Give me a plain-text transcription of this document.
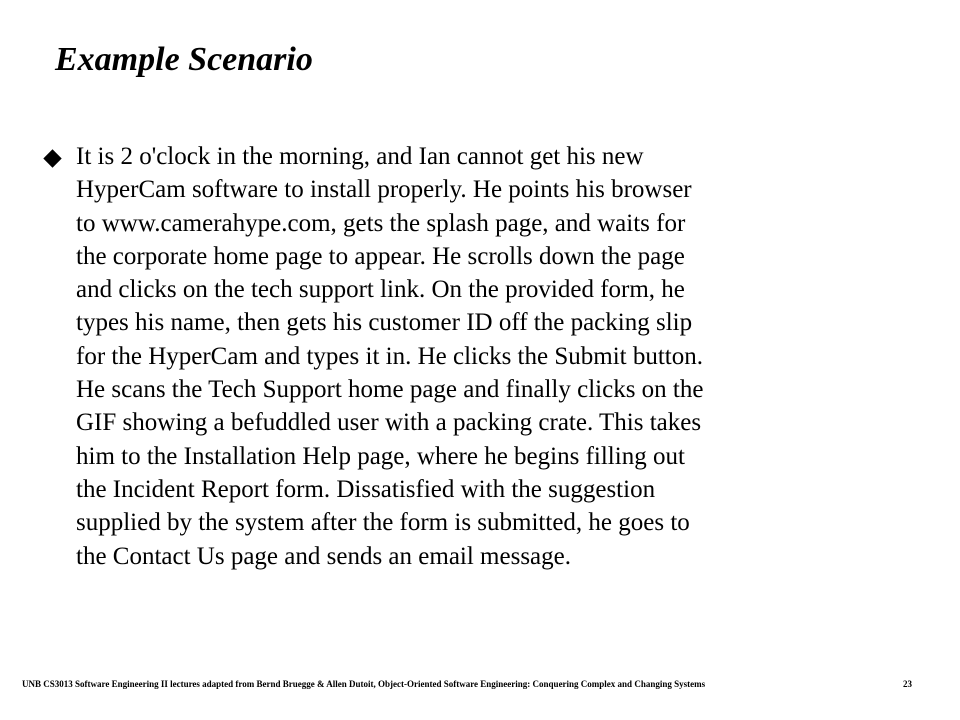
Example Scenario
It is 2 o'clock in the morning, and Ian cannot get his new
HyperCam software to install properly. He points his browser
to www.camerahype.com, gets the splash page, and waits for
the corporate home page to appear. He scrolls down the page
and clicks on the tech support link. On the provided form, he
types his name, then gets his customer ID off the packing slip
for the HyperCam and types it in. He clicks the Submit button.
He scans the Tech Support home page and finally clicks on the
GIF showing a befuddled user with a packing crate. This takes
him to the Installation Help page, where he begins filling out
the Incident Report form. Dissatisfied with the suggestion
supplied by the system after the form is submitted, he goes to
the Contact Us page and sends an email message.
UNB CS3013 Software Engineering II lectures adapted from Bernd Bruegge & Allen Dutoit, Object-Oriented Software Engineering: Conquering Complex and Changing Systems	23
